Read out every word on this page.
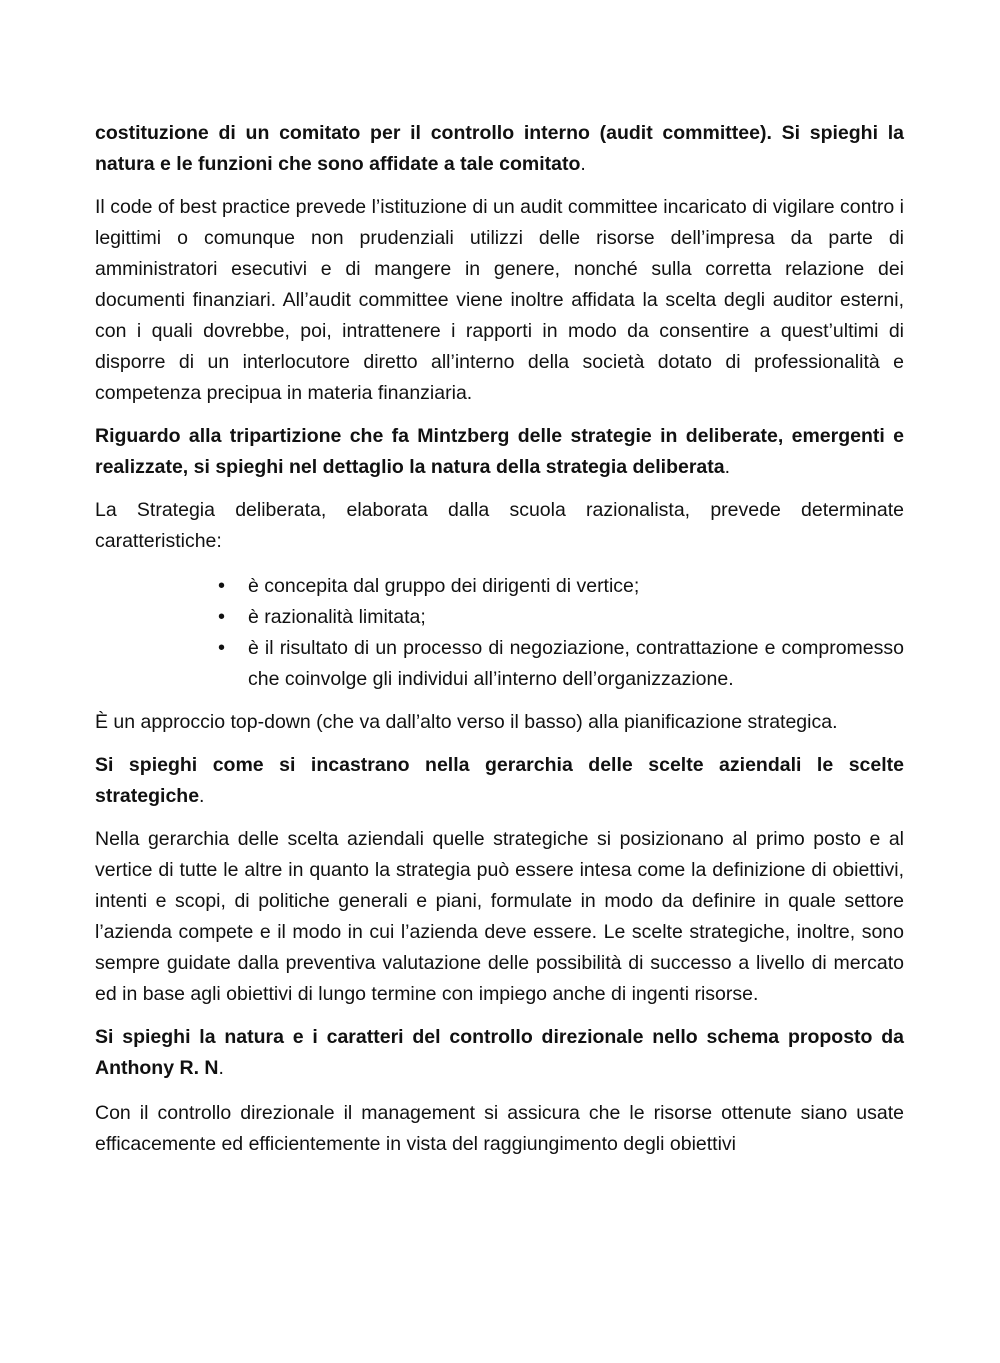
costituzione di un comitato per il controllo interno (audit committee). Si spieghi la natura e le funzioni che sono affidate a tale comitato.

Il code of best practice prevede l’istituzione di un audit committee incaricato di vigilare contro i legittimi o comunque non prudenziali utilizzi delle risorse dell’impresa da parte di amministratori esecutivi e di mangere in genere, nonché sulla corretta relazione dei documenti finanziari. All’audit committee viene inoltre affidata la scelta degli auditor esterni, con i quali dovrebbe, poi, intrattenere i rapporti in modo da consentire a quest’ultimi di disporre di un interlocutore diretto all’interno della società dotato di professionalità e competenza precipua in materia finanziaria.

Riguardo alla tripartizione che fa Mintzberg delle strategie in deliberate, emergenti e realizzate, si spieghi nel dettaglio la natura della strategia deliberata.

La Strategia deliberata, elaborata dalla scuola razionalista, prevede determinate caratteristiche:

• è concepita dal gruppo dei dirigenti di vertice;
• è razionalità limitata;
• è il risultato di un processo di negoziazione, contrattazione e compromesso che coinvolge gli individui all’interno dell’organizzazione.

È un approccio top-down (che va dall’alto verso il basso) alla pianificazione strategica.

Si spieghi come si incastrano nella gerarchia delle scelte aziendali le scelte strategiche.

Nella gerarchia delle scelta aziendali quelle strategiche si posizionano al primo posto e al vertice di tutte le altre in quanto la strategia può essere intesa come la definizione di obiettivi, intenti e scopi, di politiche generali e piani, formulate in modo da definire in quale settore l’azienda compete e il modo in cui l’azienda deve essere. Le scelte strategiche, inoltre, sono sempre guidate dalla preventiva valutazione delle possibilità di successo a livello di mercato ed in base agli obiettivi di lungo termine con impiego anche di ingenti risorse.

Si spieghi la natura e i caratteri del controllo direzionale nello schema proposto da Anthony R. N.

Con il controllo direzionale il management si assicura che le risorse ottenute siano usate efficacemente ed efficientemente in vista del raggiungimento degli obiettivi
